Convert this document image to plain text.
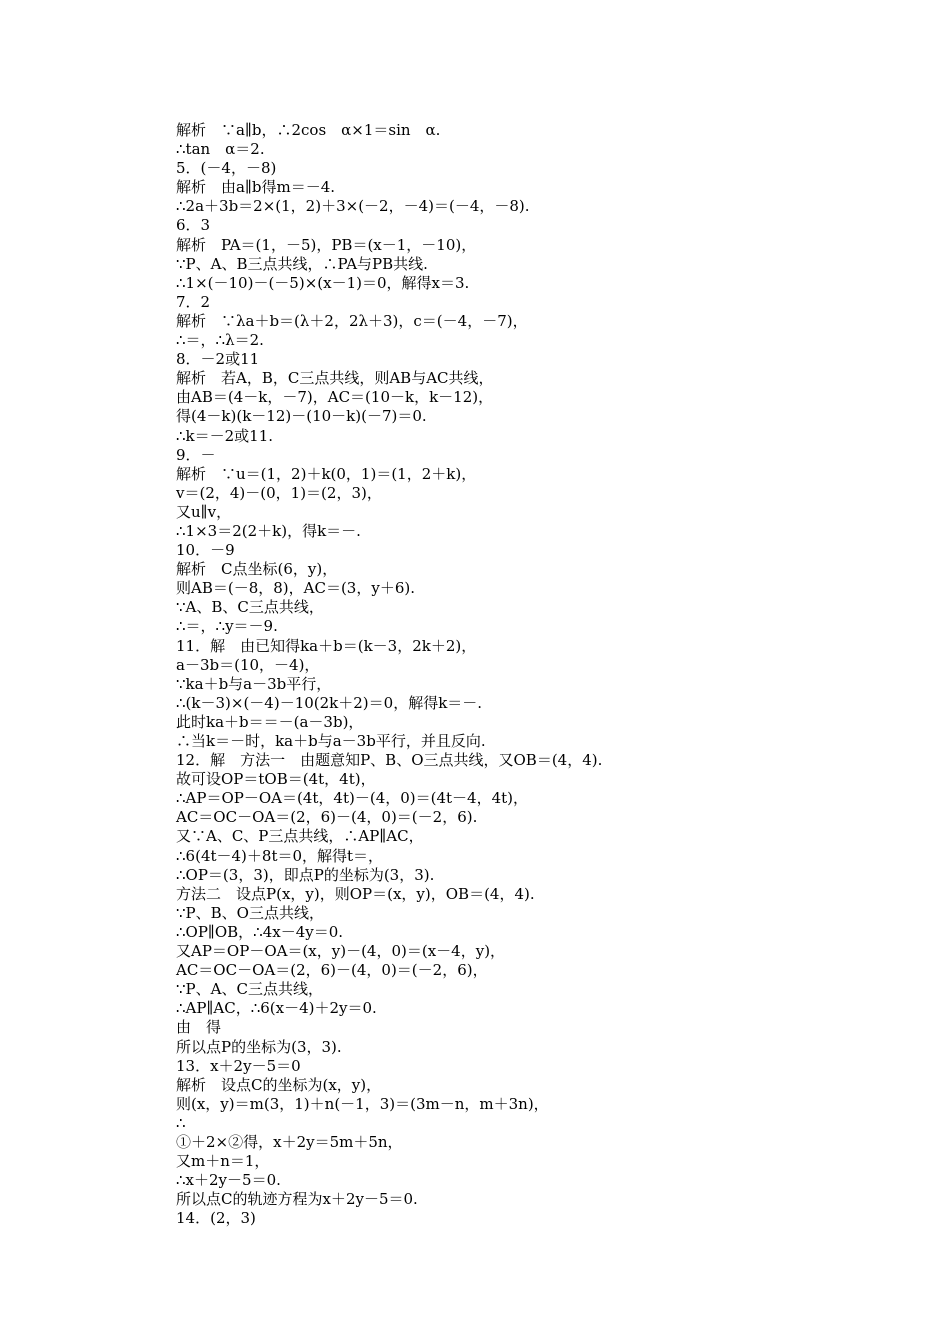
解析　∵a∥b，∴2cos　α×1＝sin　α.
∴tan　α＝2.
5．(－4，－8)
解析　由a∥b得m＝－4.
∴2a＋3b＝2×(1，2)＋3×(－2，－4)＝(－4，－8).
6．3
解析　PA＝(1，－5)，PB＝(x－1，－10)，
∵P、A、B三点共线，∴PA与PB共线.
∴1×(－10)－(－5)×(x－1)＝0，解得x＝3.
7．2
解析　∵λa＋b＝(λ＋2，2λ＋3)，c＝(－4，－7)，
∴＝，∴λ＝2.
8．－2或11
解析　若A，B，C三点共线，则AB与AC共线，
由AB＝(4－k，－7)，AC＝(10－k，k－12)，
得(4－k)(k－12)－(10－k)(－7)＝0.
∴k＝－2或11.
9．－
解析　∵u＝(1，2)＋k(0，1)＝(1，2＋k)，
v＝(2，4)－(0，1)＝(2，3)，
又u∥v，
∴1×3＝2(2＋k)，得k＝－.
10．－9
解析　C点坐标(6，y)，
则AB＝(－8，8)，AC＝(3，y＋6).
∵A、B、C三点共线，
∴＝，∴y＝－9.
11．解　由已知得ka＋b＝(k－3，2k＋2)，
a－3b＝(10，－4)，
∵ka＋b与a－3b平行，
∴(k－3)×(－4)－10(2k＋2)＝0，解得k＝－.
此时ka＋b＝＝－(a－3b)，
∴当k＝－时，ka＋b与a－3b平行，并且反向.
12．解　方法一　由题意知P、B、O三点共线，又OB＝(4，4).
故可设OP＝tOB＝(4t，4t)，
∴AP＝OP－OA＝(4t，4t)－(4，0)＝(4t－4，4t)，
AC＝OC－OA＝(2，6)－(4，0)＝(－2，6).
又∵A、C、P三点共线，∴AP∥AC，
∴6(4t－4)＋8t＝0，解得t＝，
∴OP＝(3，3)，即点P的坐标为(3，3).
方法二　设点P(x，y)，则OP＝(x，y)，OB＝(4，4).
∵P、B、O三点共线，
∴OP∥OB，∴4x－4y＝0.
又AP＝OP－OA＝(x，y)－(4，0)＝(x－4，y)，
AC＝OC－OA＝(2，6)－(4，0)＝(－2，6)，
∵P、A、C三点共线，
∴AP∥AC，∴6(x－4)＋2y＝0.
由　得
所以点P的坐标为(3，3).
13．x＋2y－5＝0
解析　设点C的坐标为(x，y)，
则(x，y)＝m(3，1)＋n(－1，3)＝(3m－n，m＋3n)，
∴
①＋2×②得，x＋2y＝5m＋5n，
又m＋n＝1，
∴x＋2y－5＝0.
所以点C的轨迹方程为x＋2y－5＝0.
14．(2，3)
